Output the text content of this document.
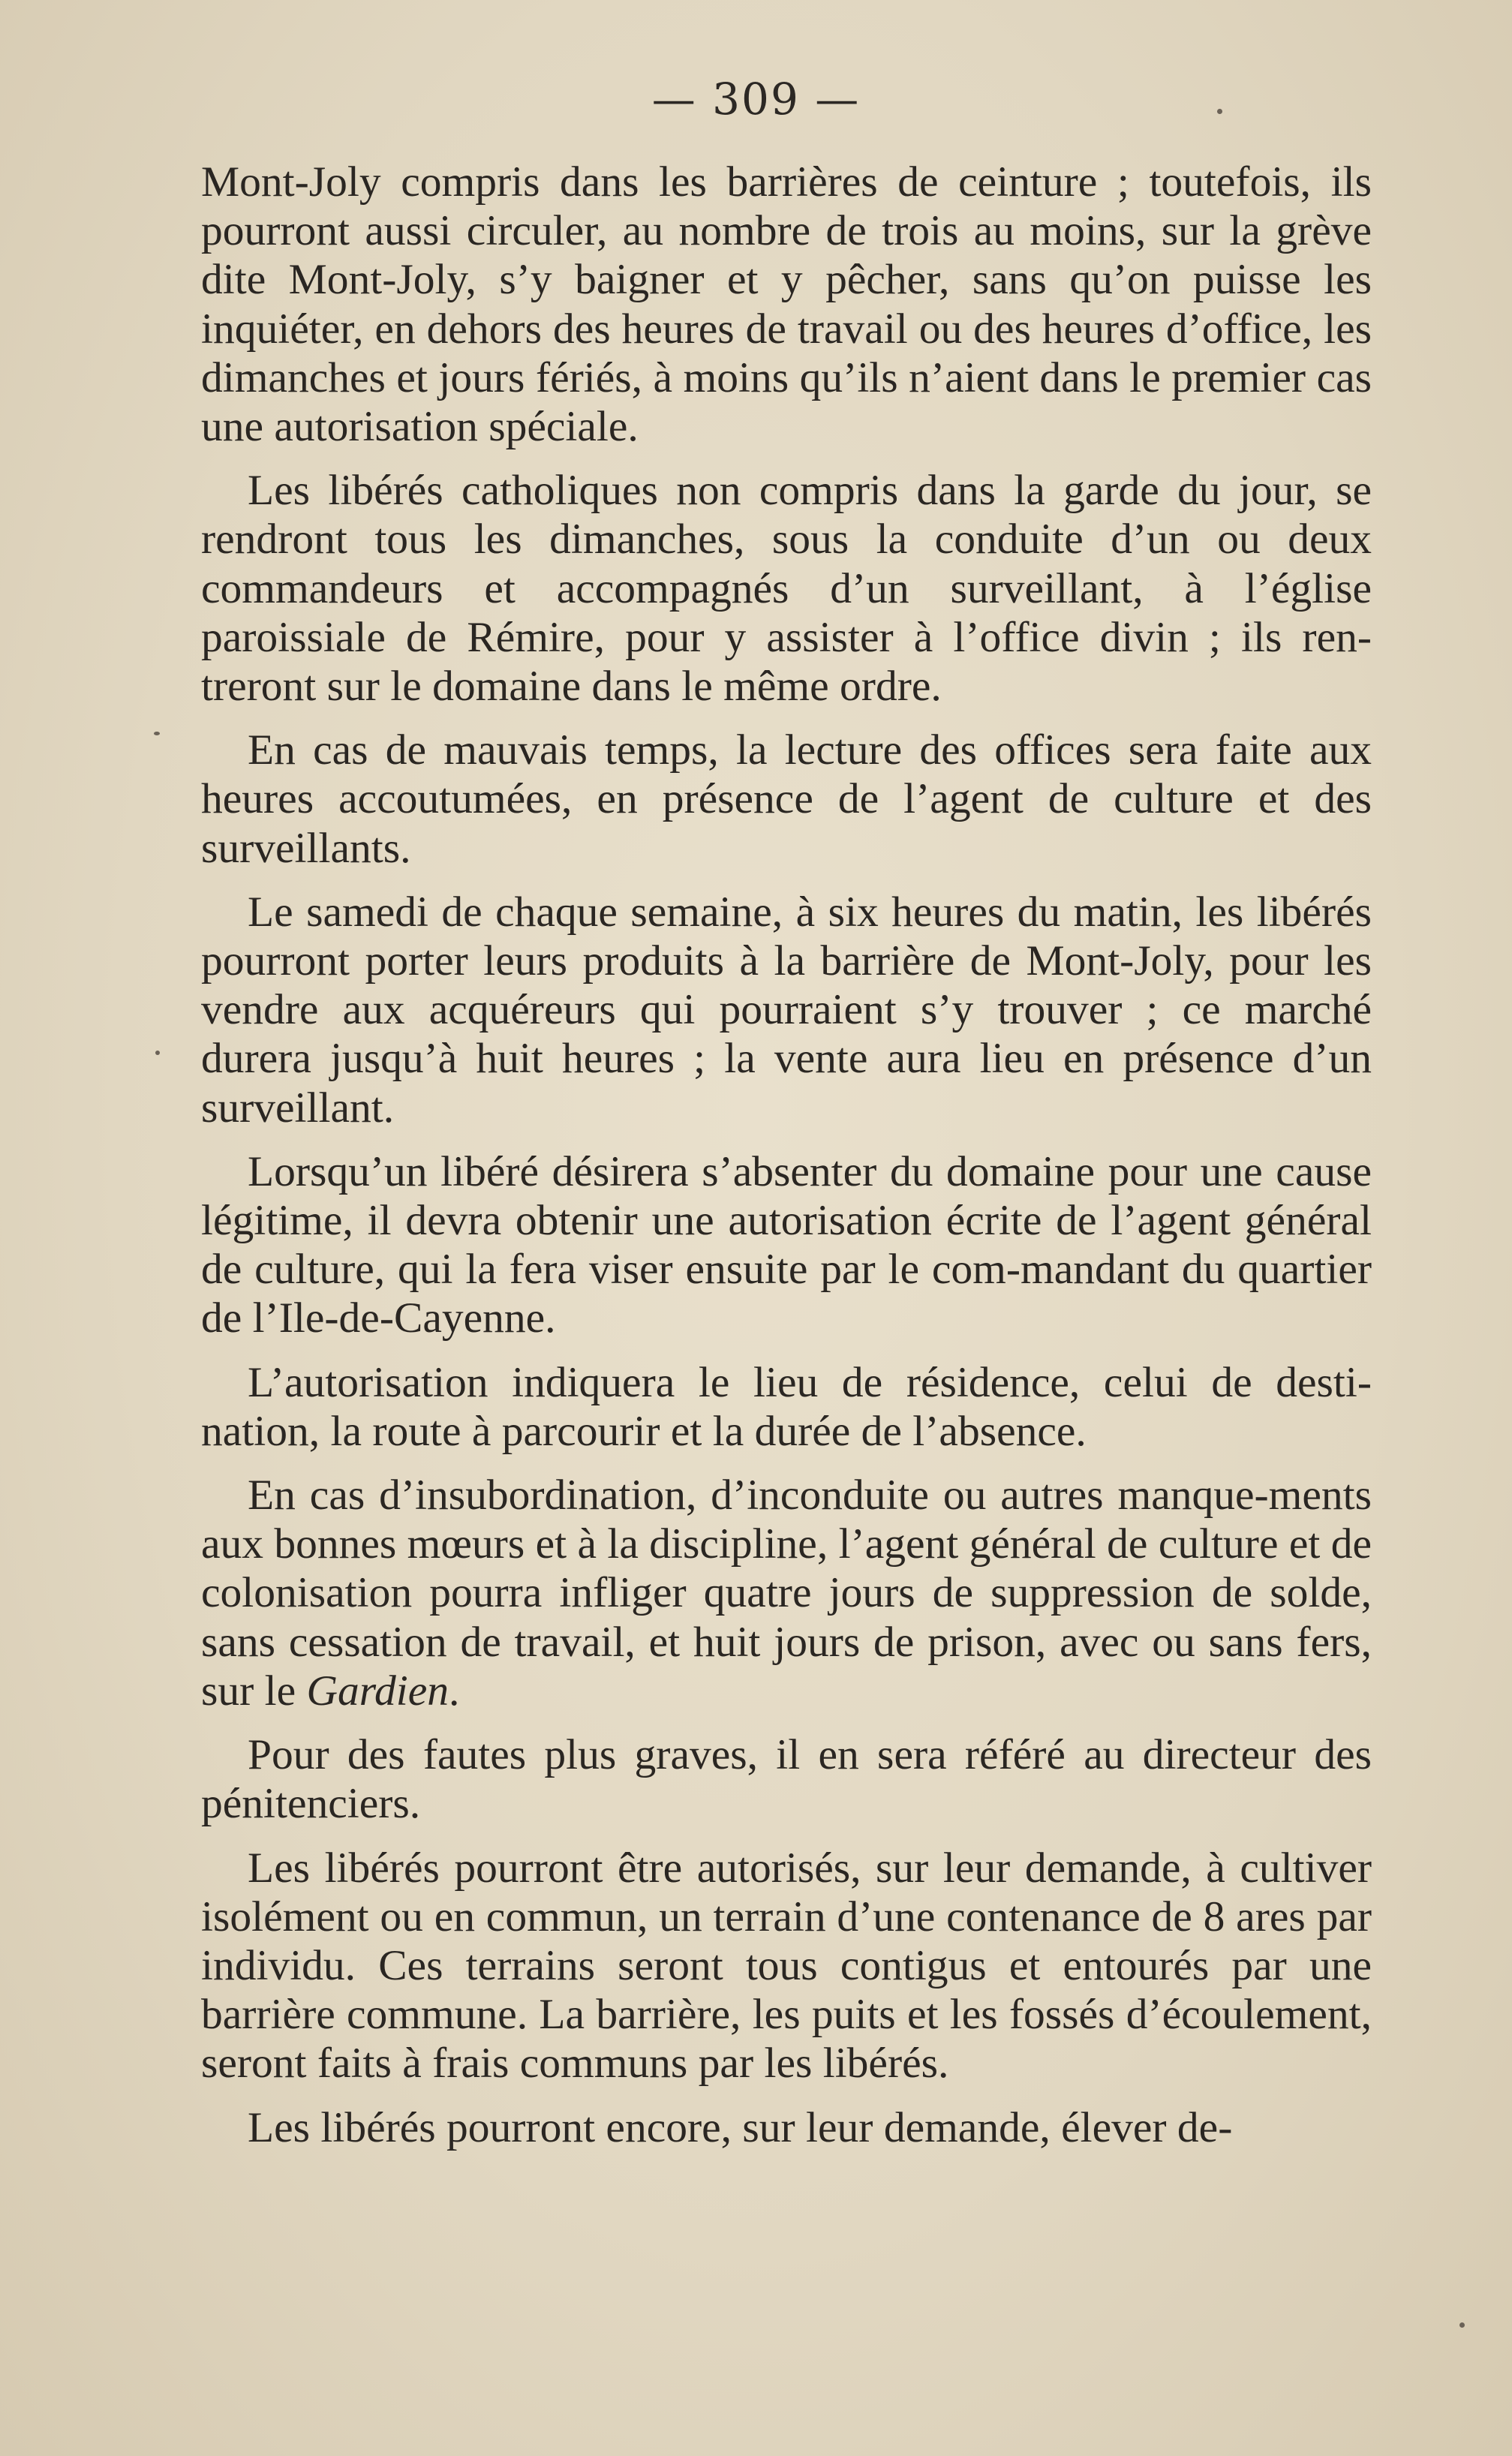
— 309 —

Mont-Joly compris dans les barrières de ceinture ; toutefois, ils pourront aussi circuler, au nombre de trois au moins, sur la grève dite Mont-Joly, s’y baigner et y pêcher, sans qu’on puisse les inquiéter, en dehors des heures de travail ou des heures d’office, les dimanches et jours fériés, à moins qu’ils n’aient dans le premier cas une autorisation spéciale.

Les libérés catholiques non compris dans la garde du jour, se rendront tous les dimanches, sous la conduite d’un ou deux commandeurs et accompagnés d’un surveillant, à l’église paroissiale de Rémire, pour y assister à l’office divin ; ils ren-treront sur le domaine dans le même ordre.

En cas de mauvais temps, la lecture des offices sera faite aux heures accoutumées, en présence de l’agent de culture et des surveillants.

Le samedi de chaque semaine, à six heures du matin, les libérés pourront porter leurs produits à la barrière de Mont-Joly, pour les vendre aux acquéreurs qui pourraient s’y trouver ; ce marché durera jusqu’à huit heures ; la vente aura lieu en présence d’un surveillant.

Lorsqu’un libéré désirera s’absenter du domaine pour une cause légitime, il devra obtenir une autorisation écrite de l’agent général de culture, qui la fera viser ensuite par le com-mandant du quartier de l’Ile-de-Cayenne.

L’autorisation indiquera le lieu de résidence, celui de desti-nation, la route à parcourir et la durée de l’absence.

En cas d’insubordination, d’inconduite ou autres manque-ments aux bonnes mœurs et à la discipline, l’agent général de culture et de colonisation pourra infliger quatre jours de suppression de solde, sans cessation de travail, et huit jours de prison, avec ou sans fers, sur le Gardien.

Pour des fautes plus graves, il en sera référé au directeur des pénitenciers.

Les libérés pourront être autorisés, sur leur demande, à cultiver isolément ou en commun, un terrain d’une contenance de 8 ares par individu. Ces terrains seront tous contigus et entourés par une barrière commune. La barrière, les puits et les fossés d’écoulement, seront faits à frais communs par les libérés.

Les libérés pourront encore, sur leur demande, élever de-
